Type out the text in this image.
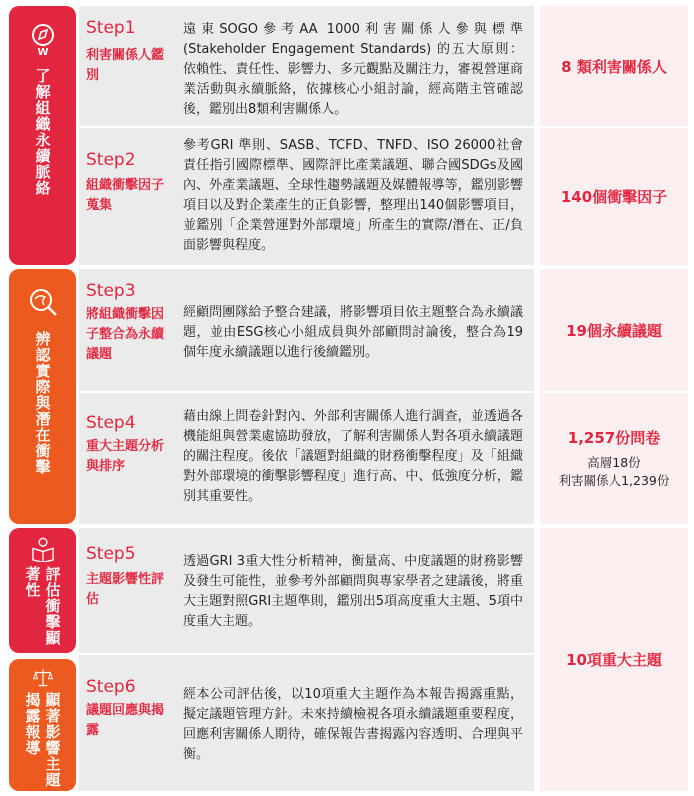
W
了解組織永續脈絡
辨認實際與潛在衝擊
評估衝擊顯著性
顯著影響主題揭露報導
Step1
利害關係人鑑別
遠東SOGO參考AA 1000利害關係人參與標準 (Stakeholder Engagement Standards) 的五大原則：依賴性、責任性、影響力、多元觀點及關注力，審視營運商業活動與永續脈絡，依據核心小組討論，經高階主管確認後，鑑別出8類利害關係人。
Step2
組織衝擊因子蒐集
參考GRI 準則、SASB、TCFD、TNFD、ISO 26000社會責任指引國際標準、國際評比產業議題、聯合國SDGs及國內、外產業議題、全球性趨勢議題及媒體報導等，鑑別影響項目以及對企業產生的正負影響，整理出140個影響項目，並鑑別「企業營運對外部環境」所產生的實際/潛在、正/負面影響與程度。
Step3
將組織衝擊因子整合為永續議題
經顧問團隊給予整合建議，將影響項目依主題整合為永續議題，並由ESG核心小組成員與外部顧問討論後，整合為19個年度永續議題以進行後續鑑別。
Step4
重大主題分析與排序
藉由線上問卷針對內、外部利害關係人進行調查，並透過各機能組與營業處協助發放，了解利害關係人對各項永續議題的關注程度。後依「議題對組織的財務衝擊程度」及「組織對外部環境的衝擊影響程度」進行高、中、低強度分析，鑑別其重要性。
Step5
主題影響性評估
透過GRI 3重大性分析精神，衡量高、中度議題的財務影響及發生可能性，並參考外部顧問與專家學者之建議後，將重大主題對照GRI主題準則，鑑別出5項高度重大主題、5項中度重大主題。
Step6
議題回應與揭露
經本公司評估後，以10項重大主題作為本報告揭露重點，擬定議題管理方針。未來持續檢視各項永續議題重要程度，回應利害關係人期待，確保報告書揭露內容透明、合理與平衡。
8 類利害關係人
140個衝擊因子
19個永續議題
1,257份問卷
高層18份
利害關係人1,239份
10項重大主題
